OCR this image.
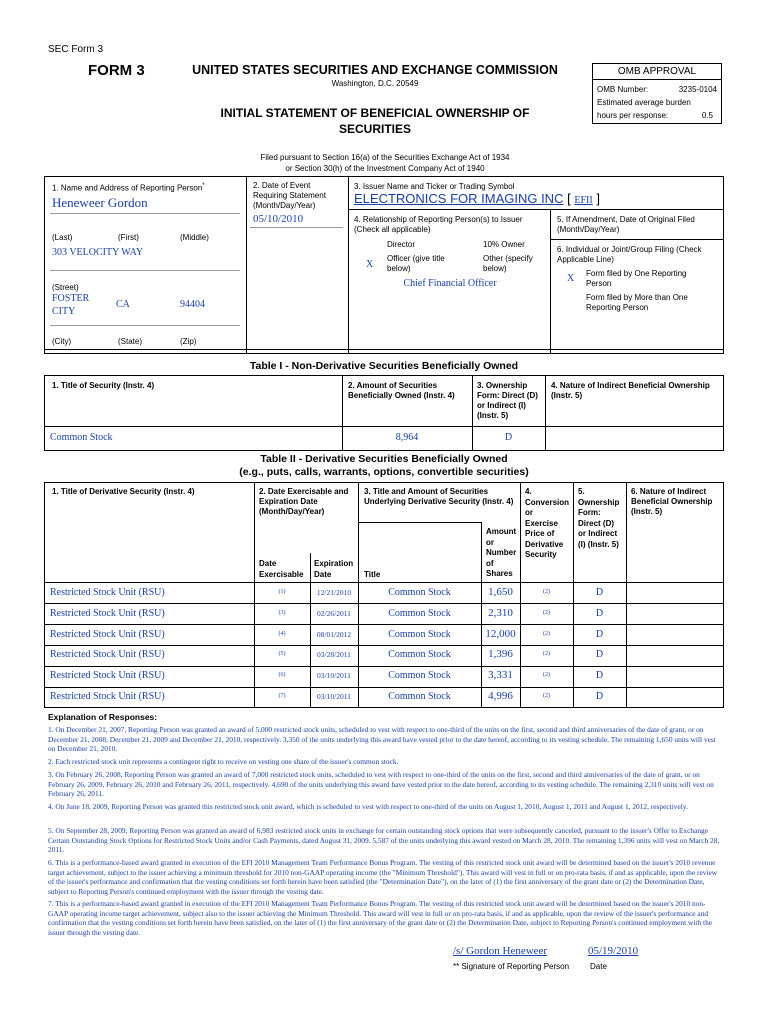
SEC Form 3
FORM 3	UNITED STATES SECURITIES AND EXCHANGE COMMISSION
Washington, D.C. 20549
INITIAL STATEMENT OF BENEFICIAL OWNERSHIP OF
SECURITIES
OMB APPROVAL
OMB Number:	3235-0104
Estimated average burden
hours per response:	0.5
Filed pursuant to Section 16(a) of the Securities Exchange Act of 1934
or Section 30(h) of the Investment Company Act of 1940
1. Name and Address of Reporting Person*
Heneweer Gordon
(Last)	(First)	(Middle)
303 VELOCITY WAY
(Street)
FOSTER CITY
CA	94404
(City)	(State)	(Zip)
2. Date of Event
Requiring Statement
(Month/Day/Year)
05/10/2010
3. Issuer Name and Ticker or Trading Symbol
ELECTRONICS FOR IMAGING INC [ EFII ]
4. Relationship of Reporting Person(s) to Issuer
(Check all applicable)
Director	10% Owner
X
Officer (give title
below)
Other (specify
below)
Chief Financial Officer
5. If Amendment, Date of Original Filed
(Month/Day/Year)
6. Individual or Joint/Group Filing (Check
Applicable Line)
X Form filed by One Reporting
Person
Form filed by More than One
Reporting Person
Table I - Non-Derivative Securities Beneficially Owned
1. Title of Security (Instr. 4)	2. Amount of Securities
Beneficially Owned (Instr. 4)
3. Ownership
Form: Direct (D)
or Indirect (I)
(Instr. 5)
4. Nature of Indirect Beneficial Ownership
(Instr. 5)
Common Stock	8,964	D
Table II - Derivative Securities Beneficially Owned
(e.g., puts, calls, warrants, options, convertible securities)
1. Title of Derivative Security (Instr. 4)	2. Date Exercisable and
Expiration Date
(Month/Day/Year)
3. Title and Amount of Securities
Underlying Derivative Security (Instr. 4)
4.
Conversion
or
Exercise
Price of
Derivative
Security
5.
Ownership
Form:
Direct (D)
or Indirect
(I) (Instr. 5)
6. Nature of Indirect
Beneficial Ownership
(Instr. 5)
Date
Exercisable
Expiration
Date	Title
Amount
or
Number
of
Shares
Restricted Stock Unit (RSU)	(1)	12/21/2010	Common Stock	1,650	(2)	D
Restricted Stock Unit (RSU)	(3)	02/26/2011	Common Stock	2,310	(2)	D
Restricted Stock Unit (RSU)	(4)	08/01/2012	Common Stock	12,000	(2)	D
Restricted Stock Unit (RSU)	(5)	03/28/2011	Common Stock	1,396	(2)	D
Restricted Stock Unit (RSU)	(6)	03/10/2011	Common Stock	3,331	(2)	D
Restricted Stock Unit (RSU)	(7)	03/10/2011	Common Stock	4,996	(2)	D
Explanation of Responses:
1. On December 21, 2007, Reporting Person was granted an award of 5,000 restricted stock units, scheduled to vest with respect to one-third of the units on the first, second and third anniversaries of the date of grant, or on December 21, 2008, December 21, 2009 and December 21, 2010, respectively. 3,350 of the units underlying this award have vested prior to the date hereof, according to its vesting schedule. The remaining 1,650 units will vest on December 21, 2010.
2. Each restricted stock unit represents a contingent right to receive on vesting one share of the issuer's common stock.
3. On February 26, 2008, Reporting Person was granted an award of 7,000 restricted stock units, scheduled to vest with respect to one-third of the units on the first, second and third anniversaries of the date of grant, or on February 26, 2009, February 26, 2010 and February 26, 2011, respectively. 4,690 of the units underlying this award have vested prior to the date hereof, according to its vesting schedule. The remaining 2,310 units will vest on February 26, 2011.
4. On June 18, 2009, Reporting Person was granted this restricted stock unit award, which is scheduled to vest with respect to one-third of the units on August 1, 2010, August 1, 2011 and August 1, 2012, respectively.
5. On September 28, 2009, Reporting Person was granted an award of 6,983 restricted stock units in exchange for certain outstanding stock options that were subsequently canceled, pursuant to the issuer's Offer to Exchange Certain Outstanding Stock Options for Restricted Stock Units and/or Cash Payments, dated August 31, 2009. 5,587 of the units underlying this award vested on March 28, 2010. The remaining 1,396 units will vest on March 28, 2011.
6. This is a performance-based award granted in execution of the EFI 2010 Management Team Performance Bonus Program. The vesting of this restricted stock unit award will be determined based on the issuer's 2010 revenue target achievement, subject to the issuer achieving a minimum threshold for 2010 non-GAAP operating income (the "Minimum Threshold"). This award will vest in full or on pro-rata basis, if and as applicable, upon the review of the issuer's performance and confirmation that the vesting conditions set forth herein have been satisfied (the "Determination Date"), on the later of (1) the first anniversary of the grant date or (2) the Determination Date, subject to Reporting Person's continued employment with the issuer through the vesting date.
7. This is a performance-based award granted in execution of the EFI 2010 Management Team Performance Bonus Program. The vesting of this restricted stock unit award will be determined based on the issuer's 2010 non-GAAP operating income target achievement, subject also to the issuer achieving the Minimum Threshold. This award will vest in full or on pro-rata basis, if and as applicable, upon the review of the issuer's performance and confirmation that the vesting conditions set forth herein have been satisfied, on the later of (1) the first anniversary of the grant date or (2) the Determination Date, subject to Reporting Person's continued employment with the issuer through the vesting date.
/s/ Gordon Heneweer	05/19/2010
** Signature of Reporting Person	Date
